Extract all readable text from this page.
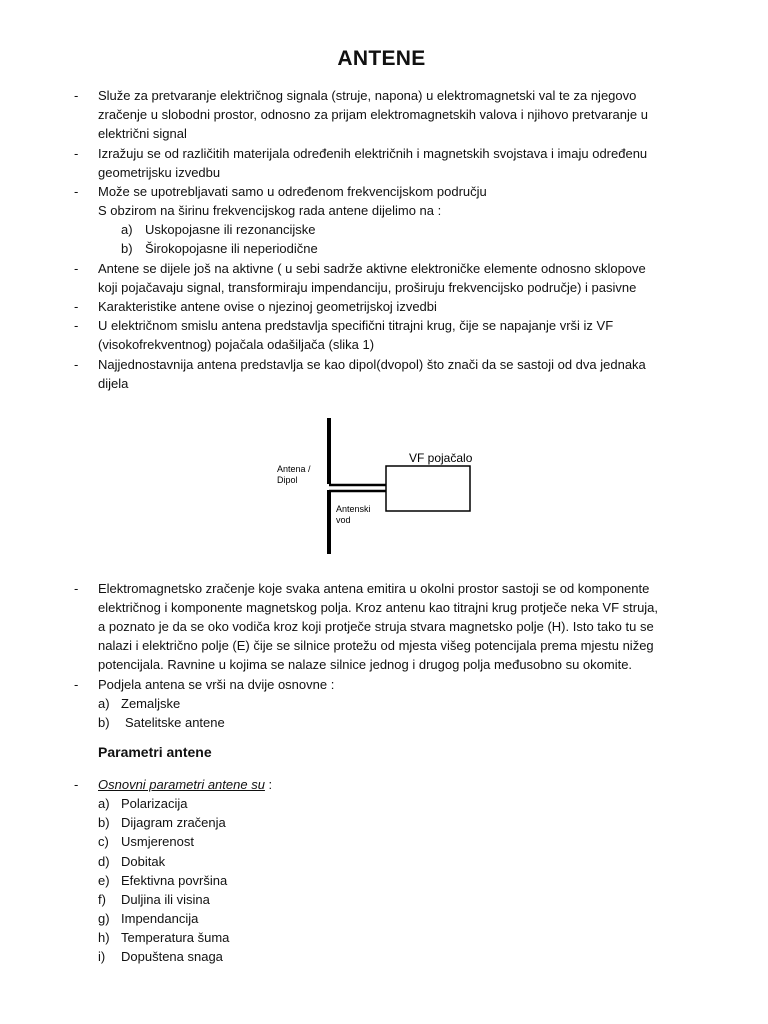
ANTENE
- Služe za pretvaranje električnog signala (struje, napona) u elektromagnetski val te za njegovo
zračenje u slobodni prostor, odnosno za prijam elektromagnetskih valova i njihovo pretvaranje u
električni signal
- Izražuju se od različitih materijala određenih električnih i magnetskih svojstava i imaju određenu
geometrijsku izvedbu
- Može se upotrebljavati samo u određenom frekvencijskom području
S obzirom na širinu frekvencijskog rada antene dijelimo na :
a) Uskopojasne ili rezonancijske
b) Širokopojasne ili neperiodične
- Antene se dijele još na aktivne ( u sebi sadrže aktivne elektroničke elemente odnosno sklopove
koji pojačavaju signal, transformiraju impendanciju, proširuju frekvencijsko područje) i pasivne
- Karakteristike antene ovise o njezinoj geometrijskoj izvedbi
- U električnom smislu antena predstavlja specifični titrajni krug, čije se napajanje vrši iz VF
(visokofrekventnog) pojačala odašiljača (slika 1)
- Najjednostavnija antena predstavlja se kao dipol(dvopol) što znači da se sastoji od dva jednaka
dijela
Antena /
Dipol
Antenski
vod
VF pojačalo
- Elektromagnetsko zračenje koje svaka antena emitira u okolni prostor sastoji se od komponente
električnog i komponente magnetskog polja. Kroz antenu kao titrajni krug protječe neka VF struja,
a poznato je da se oko vodiča kroz koji protječe struja stvara magnetsko polje (H). Isto tako tu se
nalazi i električno polje (E) čije se silnice protežu od mjesta višeg potencijala prema mjestu nižeg
potencijala. Ravnine u kojima se nalaze silnice jednog i drugog polja međusobno su okomite.
- Podjela antena se vrši na dvije osnovne :
a) Zemaljske
b) Satelitske antene
Parametri antene
- Osnovni parametri antene su :
a) Polarizacija
b) Dijagram zračenja
c) Usmjerenost
d) Dobitak
e) Efektivna površina
f) Duljina ili visina
g) Impendancija
h) Temperatura šuma
i) Dopuštena snaga
